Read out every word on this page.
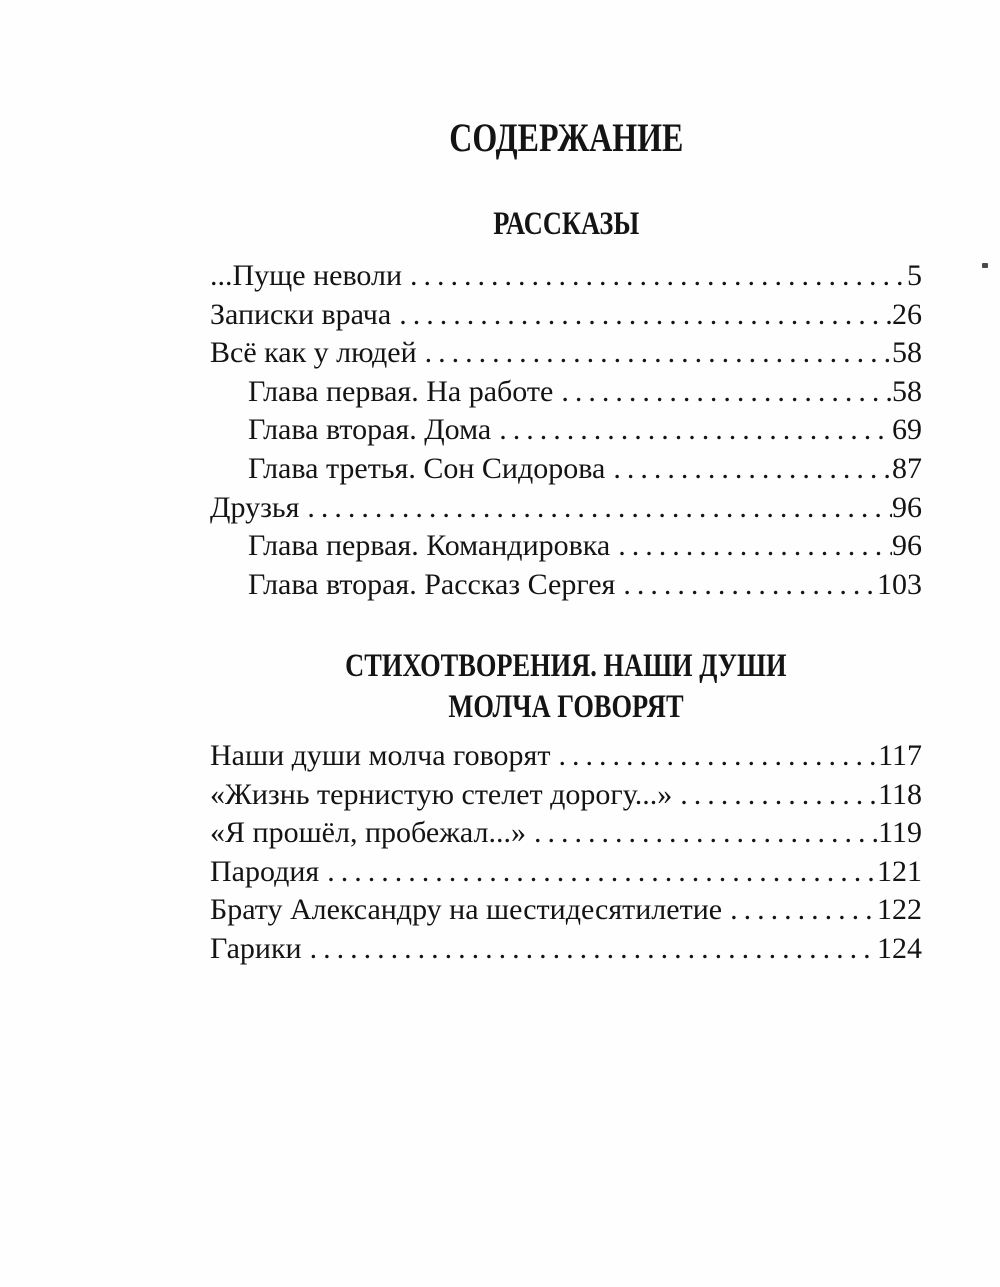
СОДЕРЖАНИЕ
РАССКАЗЫ
...Пуще неволи .....	5
Записки врача .....	26
Всё как у людей .....	58
Глава первая. На работе .....	58
Глава вторая. Дома .....	69
Глава третья. Сон Сидорова .....	87
Друзья .....	96
Глава первая. Командировка .....	96
Глава вторая. Рассказ Сергея .....	103
СТИХОТВОРЕНИЯ. НАШИ ДУШИ
МОЛЧА ГОВОРЯТ
Наши души молча говорят .....	117
«Жизнь тернистую стелет дорогу...» .....	118
«Я прошёл, пробежал...» .....	119
Пародия .....	121
Брату Александру на шестидесятилетие .....	122
Гарики .....	124
